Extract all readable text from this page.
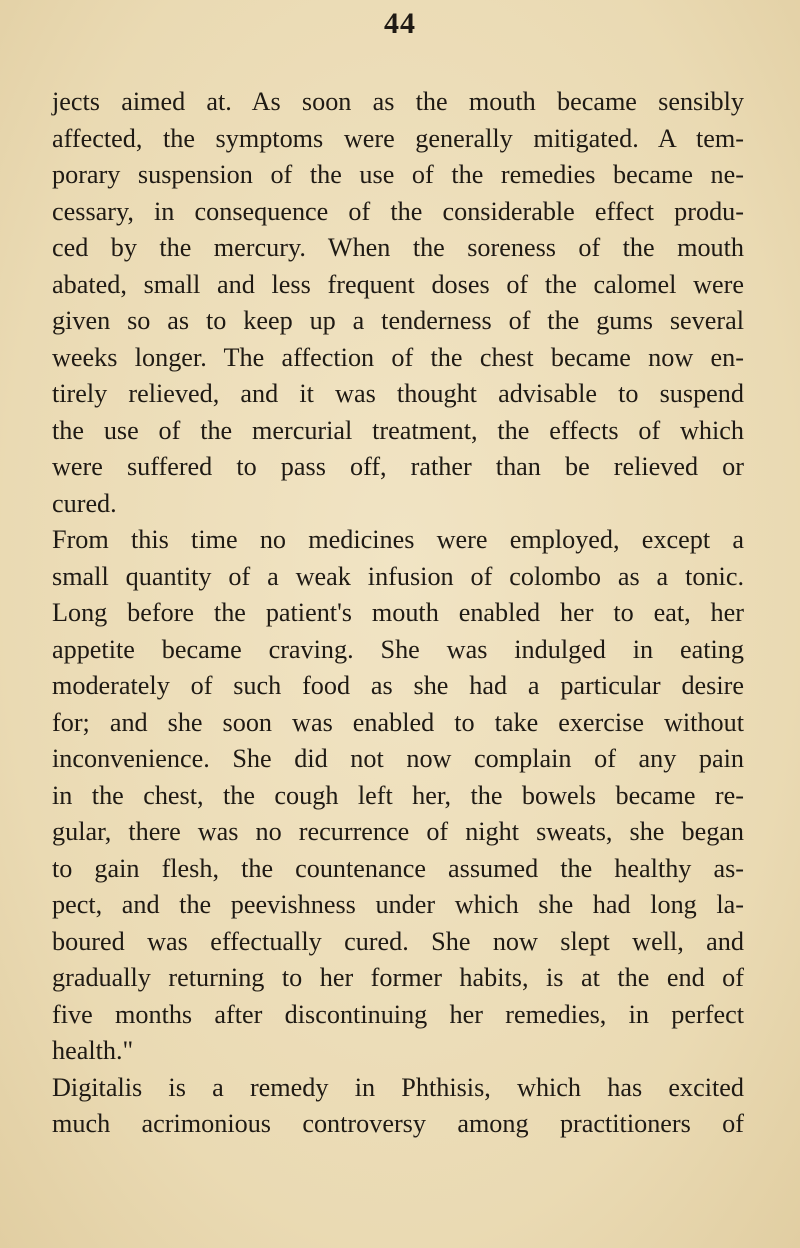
44
jects aimed at. As soon as the mouth became sensibly
affected, the symptoms were generally mitigated. A tem-
porary suspension of the use of the remedies became ne-
cessary, in consequence of the considerable effect produ-
ced by the mercury. When the soreness of the mouth
abated, small and less frequent doses of the calomel were
given so as to keep up a tenderness of the gums several
weeks longer. The affection of the chest became now en-
tirely relieved, and it was thought advisable to suspend
the use of the mercurial treatment, the effects of which
were suffered to pass off, rather than be relieved or
cured.
From this time no medicines were employed, except a
small quantity of a weak infusion of colombo as a tonic.
Long before the patient's mouth enabled her to eat, her
appetite became craving. She was indulged in eating
moderately of such food as she had a particular desire
for; and she soon was enabled to take exercise without
inconvenience. She did not now complain of any pain
in the chest, the cough left her, the bowels became re-
gular, there was no recurrence of night sweats, she began
to gain flesh, the countenance assumed the healthy as-
pect, and the peevishness under which she had long la-
boured was effectually cured. She now slept well, and
gradually returning to her former habits, is at the end of
five months after discontinuing her remedies, in perfect
health."
Digitalis is a remedy in Phthisis, which has excited
much acrimonious controversy among practitioners of
